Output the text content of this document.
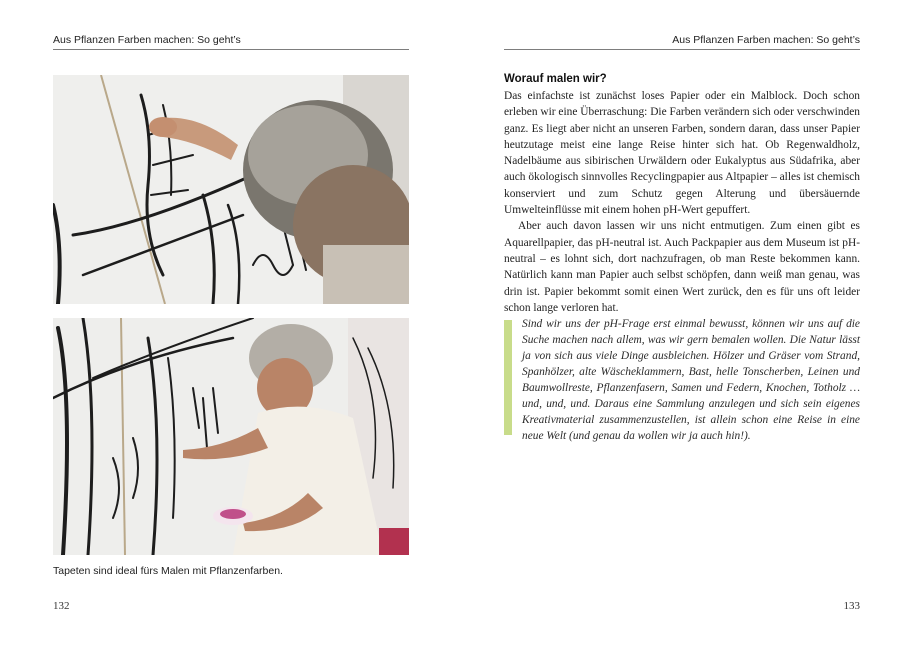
Aus Pflanzen Farben machen: So geht’s
Tapeten sind ideal fürs Malen mit Pflanzenfarben.
132
Aus Pflanzen Farben machen: So geht’s
Worauf malen wir?

Das einfachste ist zunächst loses Papier oder ein Malblock. Doch schon erleben wir eine Überraschung: Die Farben verändern sich oder verschwinden ganz. Es liegt aber nicht an unseren Farben, sondern daran, dass unser Papier heutzutage meist eine lange Reise hinter sich hat. Ob Regenwaldholz, Nadelbäume aus sibirischen Urwäldern oder Eukalyptus aus Südafrika, aber auch ökologisch sinnvolles Recyclingpapier aus Altpapier – alles ist chemisch konserviert und zum Schutz gegen Alterung und übersäuernde Umwelteinflüsse mit einem hohen pH-Wert gepuffert.

Aber auch davon lassen wir uns nicht entmutigen. Zum einen gibt es Aquarellpapier, das pH-neutral ist. Auch Packpapier aus dem Museum ist pH-neutral – es lohnt sich, dort nachzufragen, ob man Reste bekommen kann. Natürlich kann man Papier auch selbst schöpfen, dann weiß man genau, was drin ist. Papier bekommt somit einen Wert zurück, den es für uns oft leider schon lange verloren hat.

Sind wir uns der pH-Frage erst einmal bewusst, können wir uns auf die Suche machen nach allem, was wir gern bemalen wollen. Die Natur lässt ja von sich aus viele Dinge ausbleichen. Hölzer und Gräser vom Strand, Spanhölzer, alte Wäscheklammern, Bast, helle Tonscherben, Leinen und Baumwollreste, Pflanzenfasern, Samen und Federn, Knochen, Totholz … und, und, und. Daraus eine Sammlung anzulegen und sich sein eigenes Kreativmaterial zusammenzustellen, ist allein schon eine Reise in eine neue Welt (und genau da wollen wir ja auch hin!).
133
